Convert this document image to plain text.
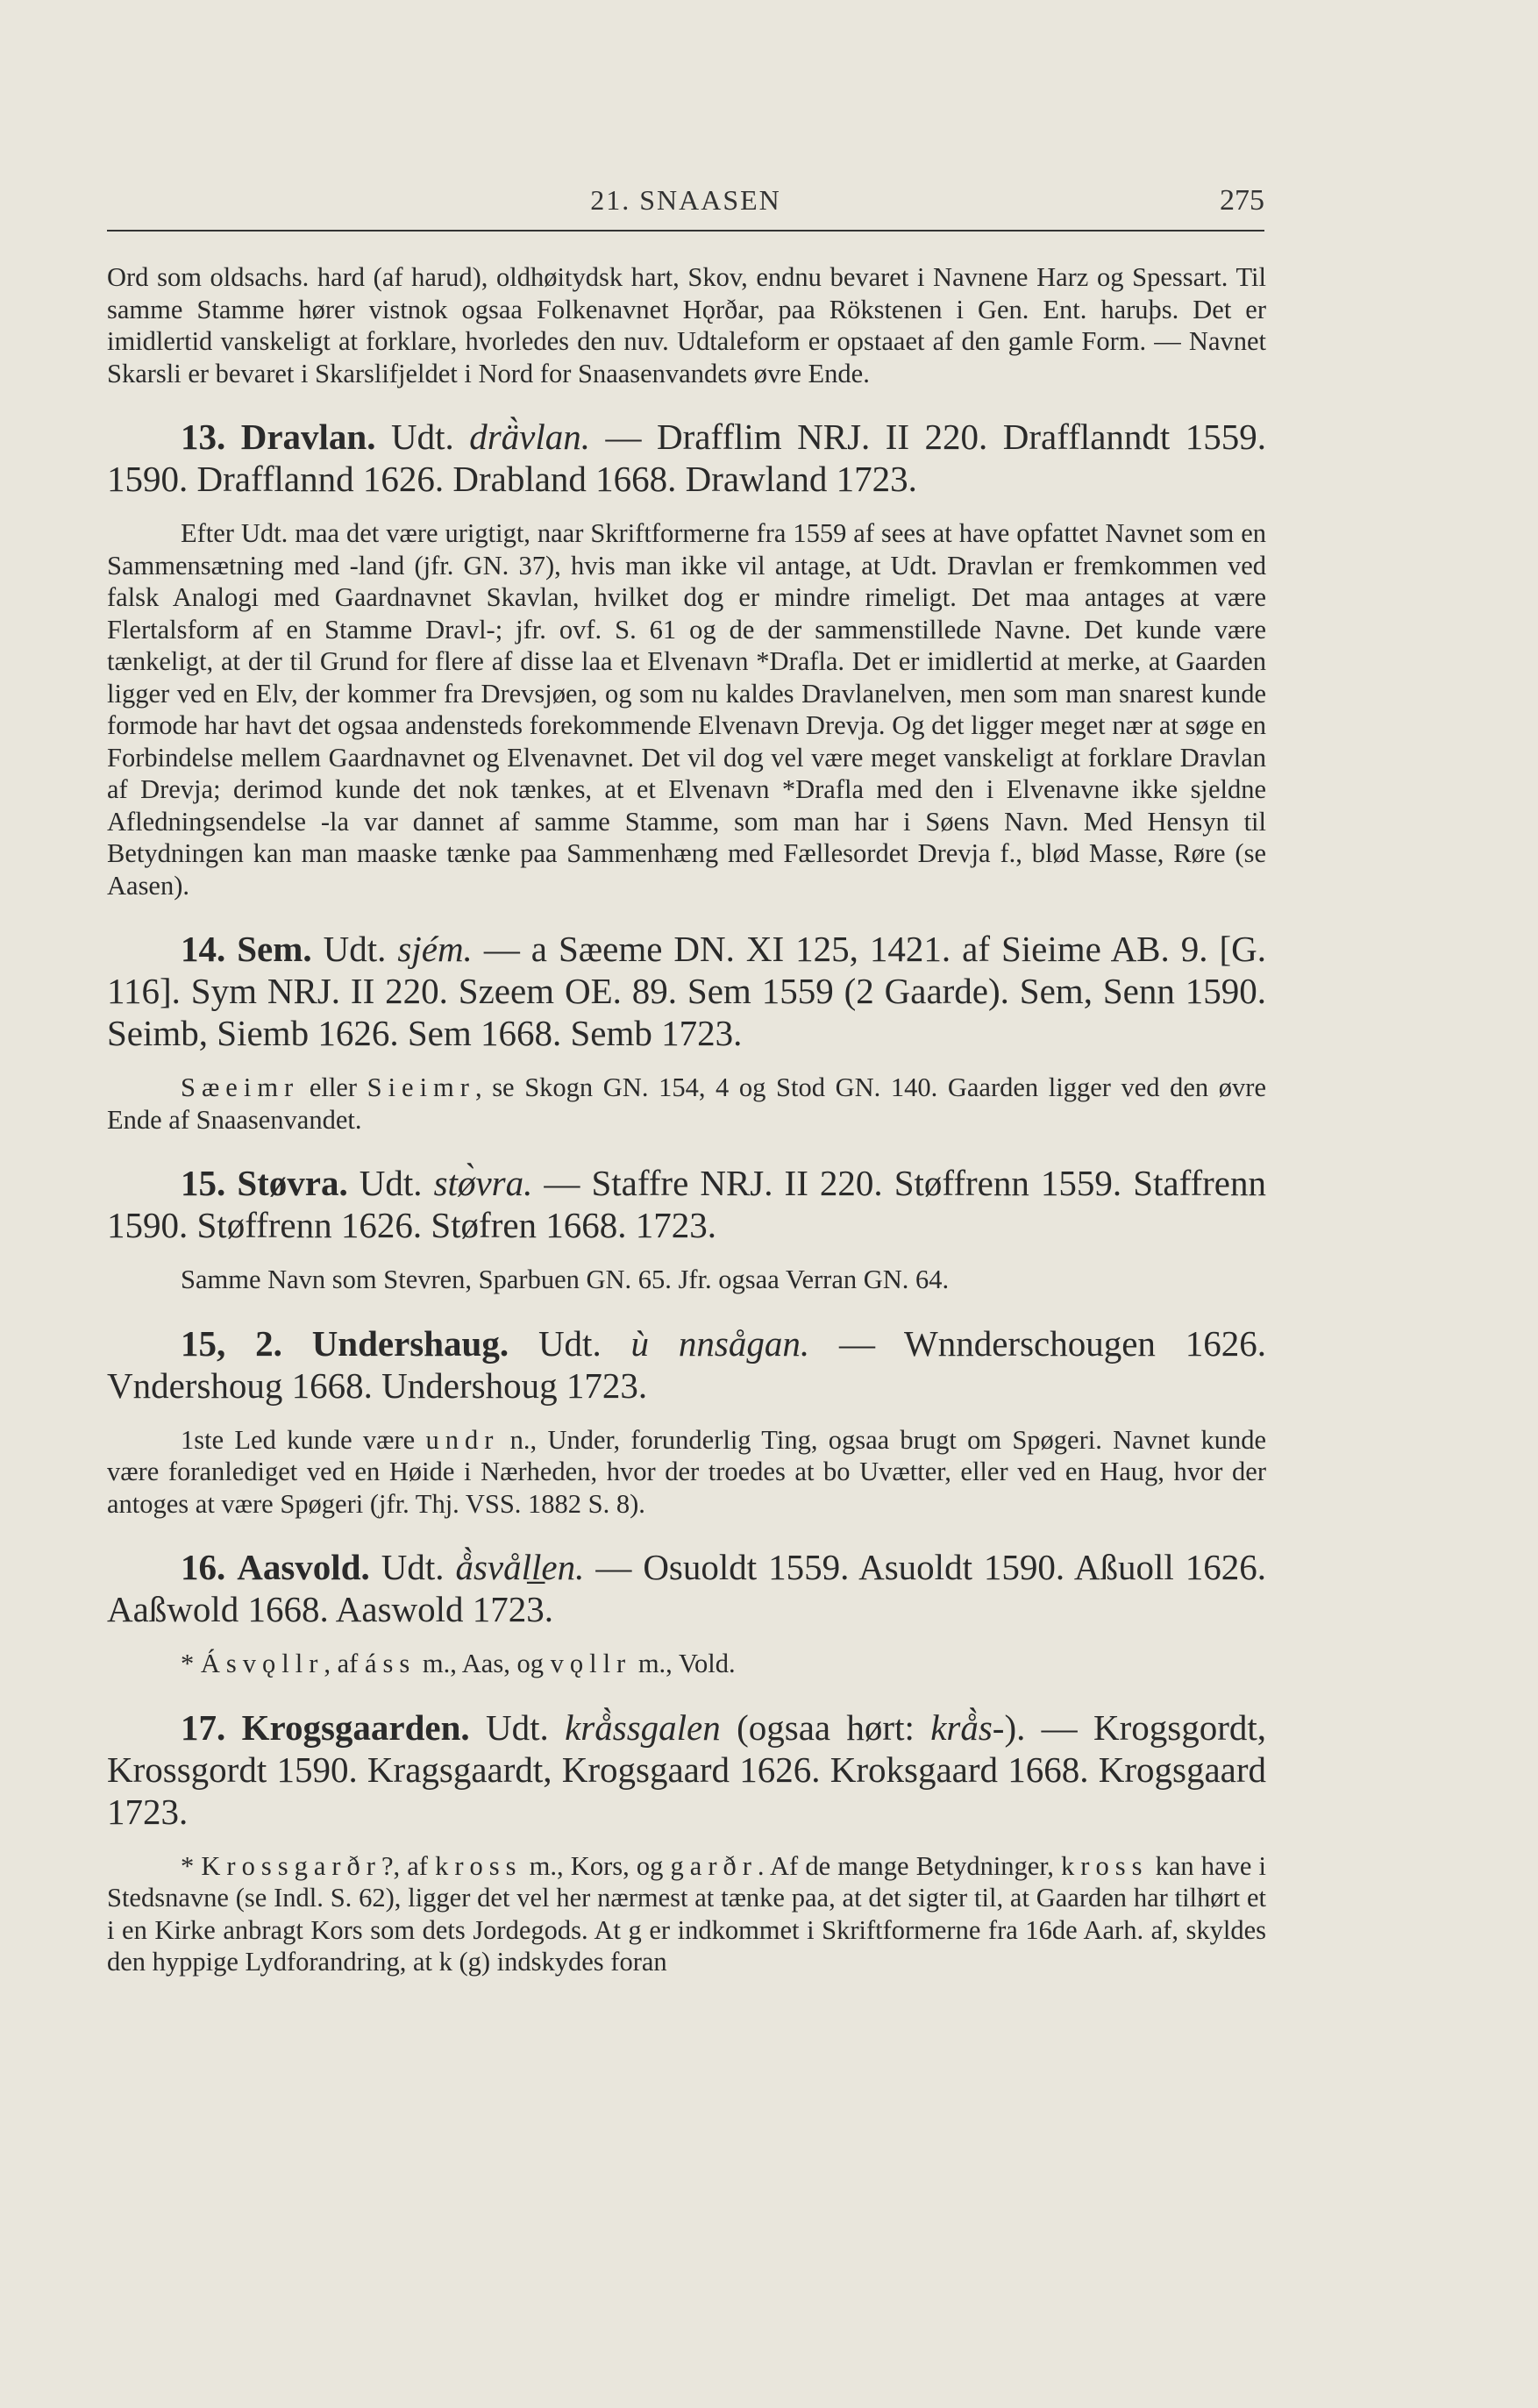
21. SNAASEN	275

Ord som oldsachs. hard (af harud), oldhøitydsk hart, Skov, endnu bevaret i Navnene Harz og Spessart. Til samme Stamme hører vistnok ogsaa Folkenavnet Hǫrðar, paa Rökstenen i Gen. Ent. haruþs. Det er imidlertid vanskeligt at forklare, hvorledes den nuv. Udtaleform er opstaaet af den gamle Form. — Navnet Skarsli er bevaret i Skarslifjeldet i Nord for Snaasenvandets øvre Ende.

13. Dravlan. Udt. drä̀vlan. — Drafflim NRJ. II 220. Drafflanndt 1559. 1590. Drafflannd 1626. Drabland 1668. Drawland 1723.

Efter Udt. maa det være urigtigt, naar Skriftformerne fra 1559 af sees at have opfattet Navnet som en Sammensætning med -land (jfr. GN. 37), hvis man ikke vil antage, at Udt. Dravlan er fremkommen ved falsk Analogi med Gaardnavnet Skavlan, hvilket dog er mindre rimeligt. Det maa antages at være Flertalsform af en Stamme Dravl-; jfr. ovf. S. 61 og de der sammenstillede Navne. Det kunde være tænkeligt, at der til Grund for flere af disse laa et Elvenavn *Drafla. Det er imidlertid at merke, at Gaarden ligger ved en Elv, der kommer fra Drevsjøen, og som nu kaldes Dravlanelven, men som man snarest kunde formode har havt det ogsaa andensteds forekommende Elvenavn Drevja. Og det ligger meget nær at søge en Forbindelse mellem Gaardnavnet og Elvenavnet. Det vil dog vel være meget vanskeligt at forklare Dravlan af Drevja; derimod kunde det nok tænkes, at et Elvenavn *Drafla med den i Elvenavne ikke sjeldne Afledningsendelse -la var dannet af samme Stamme, som man har i Søens Navn. Med Hensyn til Betydningen kan man maaske tænke paa Sammenhæng med Fællesordet Drevja f., blød Masse, Røre (se Aasen).

14. Sem. Udt. sjém. — a Sæeme DN. XI 125, 1421. af Sieime AB. 9. [G. 116]. Sym NRJ. II 220. Szeem OE. 89. Sem 1559 (2 Gaarde). Sem, Senn 1590. Seimb, Siemb 1626. Sem 1668. Semb 1723.

Sæeimr eller Sieimr, se Skogn GN. 154, 4 og Stod GN. 140. Gaarden ligger ved den øvre Ende af Snaasenvandet.

15. Støvra. Udt. stø̀vra. — Staffre NRJ. II 220. Støffrenn 1559. Staffrenn 1590. Støffrenn 1626. Støfren 1668. 1723.

Samme Navn som Stevren, Sparbuen GN. 65. Jfr. ogsaa Verran GN. 64.

15, 2. Undershaug. Udt. ù nnsågan. — Wnnderschougen 1626. Vndershoug 1668. Undershoug 1723.

1ste Led kunde være undr n., Under, forunderlig Ting, ogsaa brugt om Spøgeri. Navnet kunde være foranlediget ved en Høide i Nærheden, hvor der troedes at bo Uvætter, eller ved en Haug, hvor der antoges at være Spøgeri (jfr. Thj. VSS. 1882 S. 8).

16. Aasvold. Udt. å̀svåll̲en. — Osuoldt 1559. Asuoldt 1590. Aßuoll 1626. Aaßwold 1668. Aaswold 1723.

* Ásvǫllr, af áss m., Aas, og vǫllr m., Vold.

17. Krogsgaarden. Udt. krå̀ssgalen (ogsaa hørt: krå̀s-). — Krogsgordt, Krossgordt 1590. Kragsgaardt, Krogsgaard 1626. Kroksgaard 1668. Krogsgaard 1723.

* Krossgarðr?, af kross m., Kors, og garðr. Af de mange Betydninger, kross kan have i Stedsnavne (se Indl. S. 62), ligger det vel her nærmest at tænke paa, at det sigter til, at Gaarden har tilhørt et i en Kirke anbragt Kors som dets Jordegods. At g er indkommet i Skriftformerne fra 16de Aarh. af, skyldes den hyppige Lydforandring, at k (g) indskydes foran
